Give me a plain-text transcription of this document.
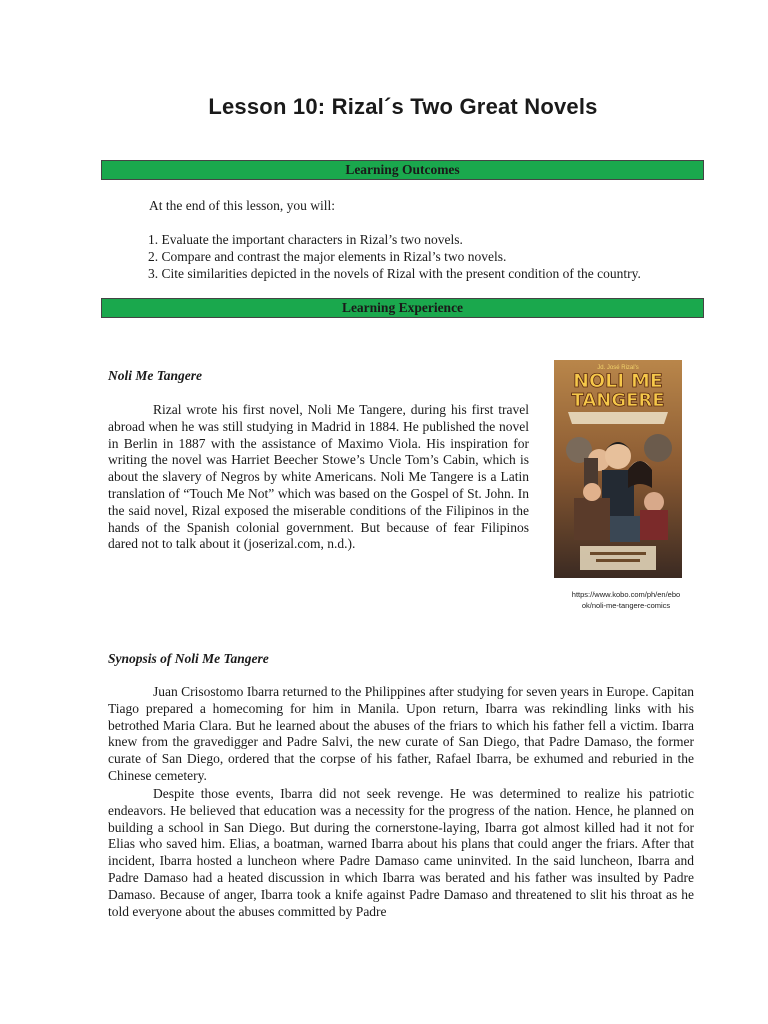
Lesson 10: Rizal´s Two Great Novels
Learning Outcomes
At the end of this lesson, you will:
1. Evaluate the important characters in Rizal’s two novels.
2. Compare and contrast the major elements in Rizal’s two novels.
3. Cite similarities depicted in the novels of Rizal with the present condition of the country.
Learning Experience
Noli Me Tangere

Rizal wrote his first novel, Noli Me Tangere, during his first travel abroad when he was still studying in Madrid in 1884. He published the novel in Berlin in 1887 with the assistance of Maximo Viola. His inspiration for writing the novel was Harriet Beecher Stowe’s Uncle Tom’s Cabin, which is about the slavery of Negros by white Americans. Noli Me Tangere is a Latin translation of “Touch Me Not” which was based on the Gospel of St. John. In the said novel, Rizal exposed the miserable conditions of the Filipinos in the hands of the Spanish colonial government. But because of fear Filipinos dared not to talk about it (joserizal.com, n.d.).

Jd. José Rizal's
NOLI ME
TANGERE
https://www.kobo.com/ph/en/ebo
ok/noli-me-tangere-comics
Synopsis of Noli Me Tangere

Juan Crisostomo Ibarra returned to the Philippines after studying for seven years in Europe. Capitan Tiago prepared a homecoming for him in Manila. Upon return, Ibarra was rekindling links with his betrothed Maria Clara. But he learned about the abuses of the friars to which his father fell a victim. Ibarra knew from the gravedigger and Padre Salvi, the new curate of San Diego, that Padre Damaso, the former curate of San Diego, ordered that the corpse of his father, Rafael Ibarra, be exhumed and reburied in the Chinese cemetery.

Despite those events, Ibarra did not seek revenge. He was determined to realize his patriotic endeavors. He believed that education was a necessity for the progress of the nation. Hence, he planned on building a school in San Diego. But during the cornerstone-laying, Ibarra got almost killed had it not for Elias who saved him. Elias, a boatman, warned Ibarra about his plans that could anger the friars. After that incident, Ibarra hosted a luncheon where Padre Damaso came uninvited. In the said luncheon, Ibarra and Padre Damaso had a heated discussion in which Ibarra was berated and his father was insulted by Padre Damaso. Because of anger, Ibarra took a knife against Padre Damaso and threatened to slit his throat as he told everyone about the abuses committed by Padre
